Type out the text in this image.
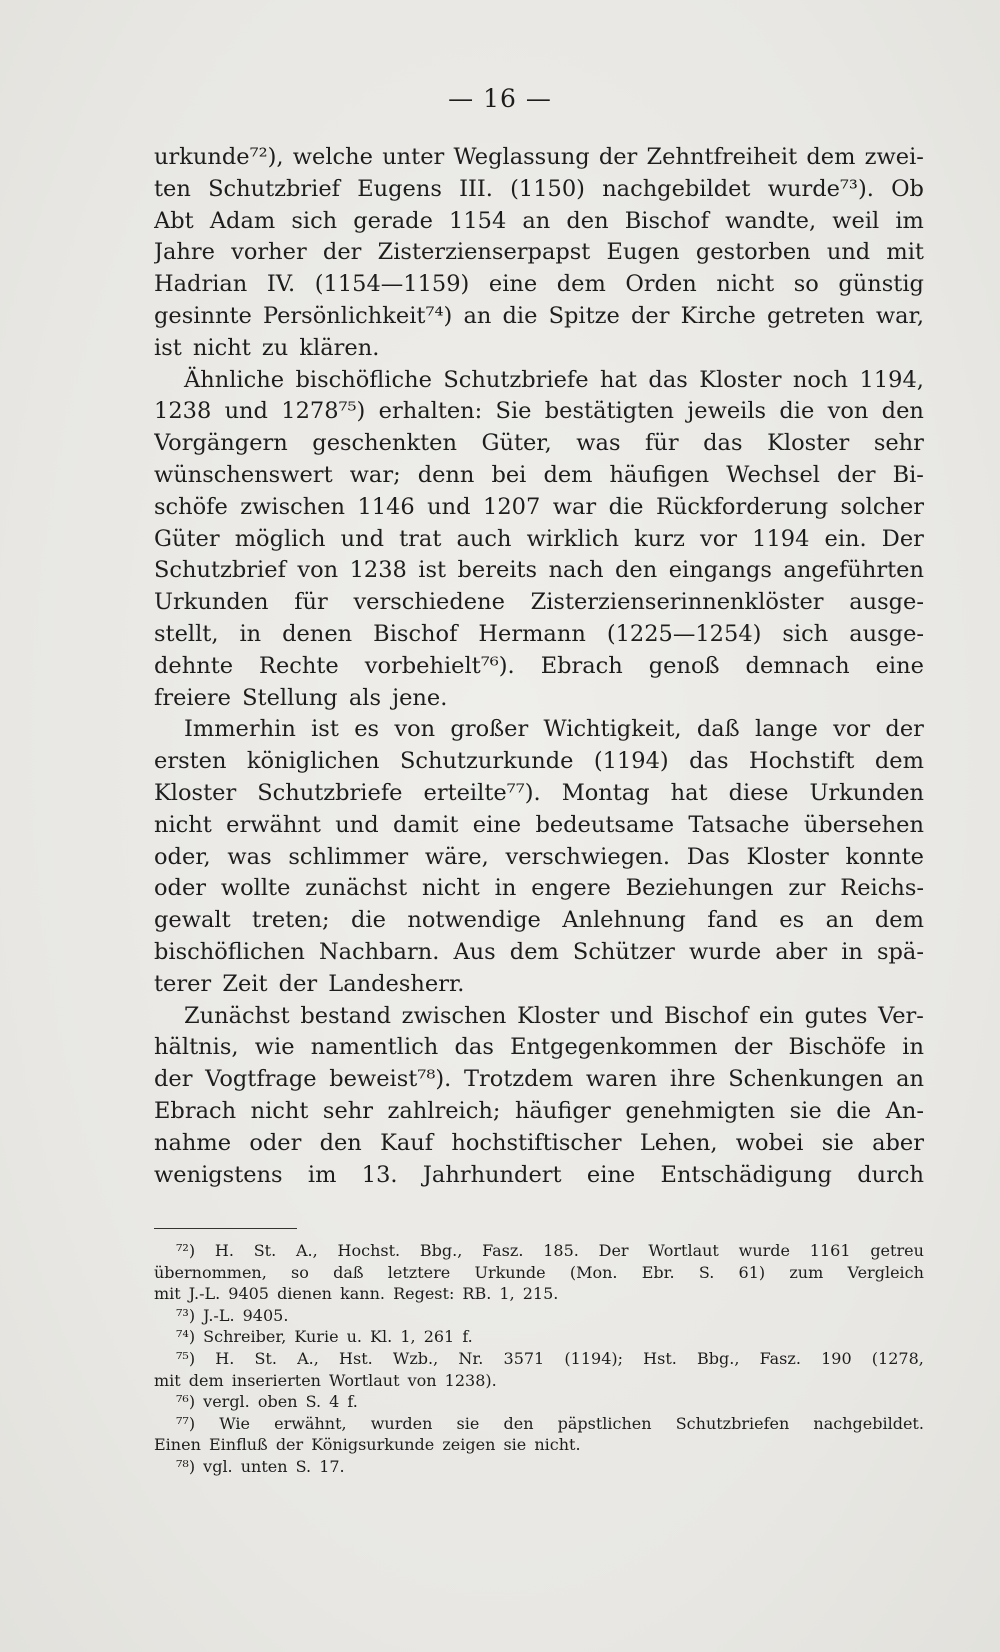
— 16 —
urkunde⁷²), welche unter Weglassung der Zehntfreiheit dem zwei-
ten Schutzbrief Eugens III. (1150) nachgebildet wurde⁷³). Ob
Abt Adam sich gerade 1154 an den Bischof wandte, weil im
Jahre vorher der Zisterzienserpapst Eugen gestorben und mit
Hadrian IV. (1154—1159) eine dem Orden nicht so günstig
gesinnte Persönlichkeit⁷⁴) an die Spitze der Kirche getreten war,
ist nicht zu klären.
Ähnliche bischöfliche Schutzbriefe hat das Kloster noch 1194,
1238 und 1278⁷⁵) erhalten: Sie bestätigten jeweils die von den
Vorgängern geschenkten Güter, was für das Kloster sehr
wünschenswert war; denn bei dem häufigen Wechsel der Bi-
schöfe zwischen 1146 und 1207 war die Rückforderung solcher
Güter möglich und trat auch wirklich kurz vor 1194 ein. Der
Schutzbrief von 1238 ist bereits nach den eingangs angeführten
Urkunden für verschiedene Zisterzienserinnenklöster ausge-
stellt, in denen Bischof Hermann (1225—1254) sich ausge-
dehnte Rechte vorbehielt⁷⁶). Ebrach genoß demnach eine
freiere Stellung als jene.
Immerhin ist es von großer Wichtigkeit, daß lange vor der
ersten königlichen Schutzurkunde (1194) das Hochstift dem
Kloster Schutzbriefe erteilte⁷⁷). Montag hat diese Urkunden
nicht erwähnt und damit eine bedeutsame Tatsache übersehen
oder, was schlimmer wäre, verschwiegen. Das Kloster konnte
oder wollte zunächst nicht in engere Beziehungen zur Reichs-
gewalt treten; die notwendige Anlehnung fand es an dem
bischöflichen Nachbarn. Aus dem Schützer wurde aber in spä-
terer Zeit der Landesherr.
Zunächst bestand zwischen Kloster und Bischof ein gutes Ver-
hältnis, wie namentlich das Entgegenkommen der Bischöfe in
der Vogtfrage beweist⁷⁸). Trotzdem waren ihre Schenkungen an
Ebrach nicht sehr zahlreich; häufiger genehmigten sie die An-
nahme oder den Kauf hochstiftischer Lehen, wobei sie aber
wenigstens im 13. Jahrhundert eine Entschädigung durch
⁷²) H. St. A., Hochst. Bbg., Fasz. 185. Der Wortlaut wurde 1161 getreu
übernommen, so daß letztere Urkunde (Mon. Ebr. S. 61) zum Vergleich
mit J.-L. 9405 dienen kann. Regest: RB. 1, 215.
⁷³) J.-L. 9405.
⁷⁴) Schreiber, Kurie u. Kl. 1, 261 f.
⁷⁵) H. St. A., Hst. Wzb., Nr. 3571 (1194); Hst. Bbg., Fasz. 190 (1278,
mit dem inserierten Wortlaut von 1238).
⁷⁶) vergl. oben S. 4 f.
⁷⁷) Wie erwähnt, wurden sie den päpstlichen Schutzbriefen nachgebildet.
Einen Einfluß der Königsurkunde zeigen sie nicht.
⁷⁸) vgl. unten S. 17.
